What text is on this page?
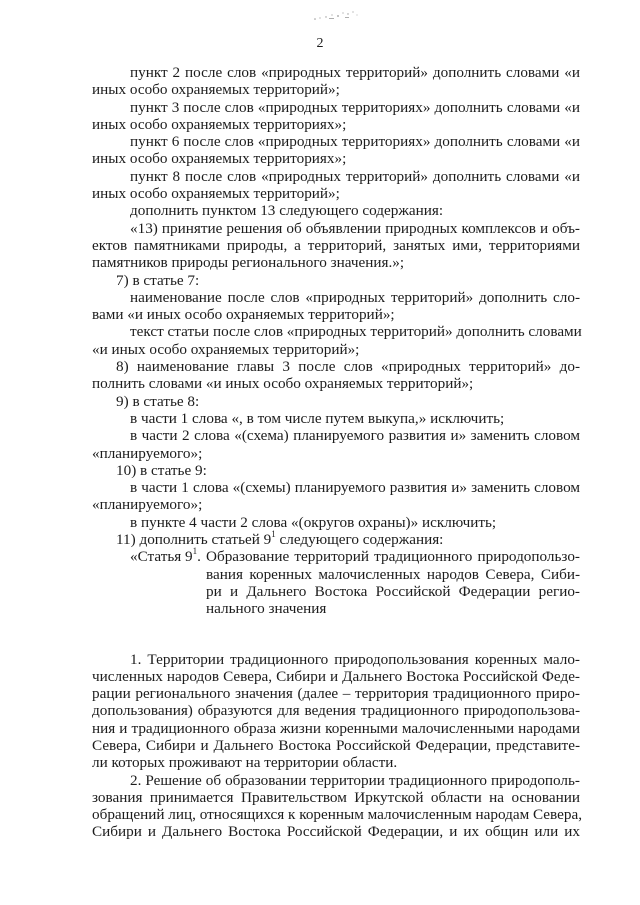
2
пункт 2 после слов «природных территорий» дополнить словами «и
иных особо охраняемых территорий»;
пункт 3 после слов «природных территориях» дополнить словами «и
иных особо охраняемых территориях»;
пункт 6 после слов «природных территориях» дополнить словами «и
иных особо охраняемых территориях»;
пункт 8 после слов «природных территорий» дополнить словами «и
иных особо охраняемых территорий»;
дополнить пунктом 13 следующего содержания:
«13) принятие решения об объявлении природных комплексов и объ-
ектов памятниками природы, а территорий, занятых ими, территориями
памятников природы регионального значения.»;
7) в статье 7:
наименование после слов «природных территорий» дополнить сло-
вами «и иных особо охраняемых территорий»;
текст статьи после слов «природных территорий» дополнить словами
«и иных особо охраняемых территорий»;
8) наименование главы 3 после слов «природных территорий» до-
полнить словами «и иных особо охраняемых территорий»;
9) в статье 8:
в части 1 слова «, в том числе путем выкупа,» исключить;
в части 2 слова «(схема) планируемого развития и» заменить словом
«планируемого»;
10) в статье 9:
в части 1 слова «(схемы) планируемого развития и» заменить словом
«планируемого»;
в пункте 4 части 2 слова «(округов охраны)» исключить;
11) дополнить статьей $9^1$ следующего содержания:
«Статья $9^1$. Образование территорий традиционного природопользо-
вания коренных малочисленных народов Севера, Сиби-
ри и Дальнего Востока Российской Федерации регио-
нального значения
1. Территории традиционного природопользования коренных мало-
численных народов Севера, Сибири и Дальнего Востока Российской Феде-
рации регионального значения (далее – территория традиционного приро-
допользования) образуются для ведения традиционного природопользова-
ния и традиционного образа жизни коренными малочисленными народами
Севера, Сибири и Дальнего Востока Российской Федерации, представите-
ли которых проживают на территории области.
2. Решение об образовании территории традиционного природополь-
зования принимается Правительством Иркутской области на основании
обращений лиц, относящихся к коренным малочисленным народам Севера,
Сибири и Дальнего Востока Российской Федерации, и их общин или их
